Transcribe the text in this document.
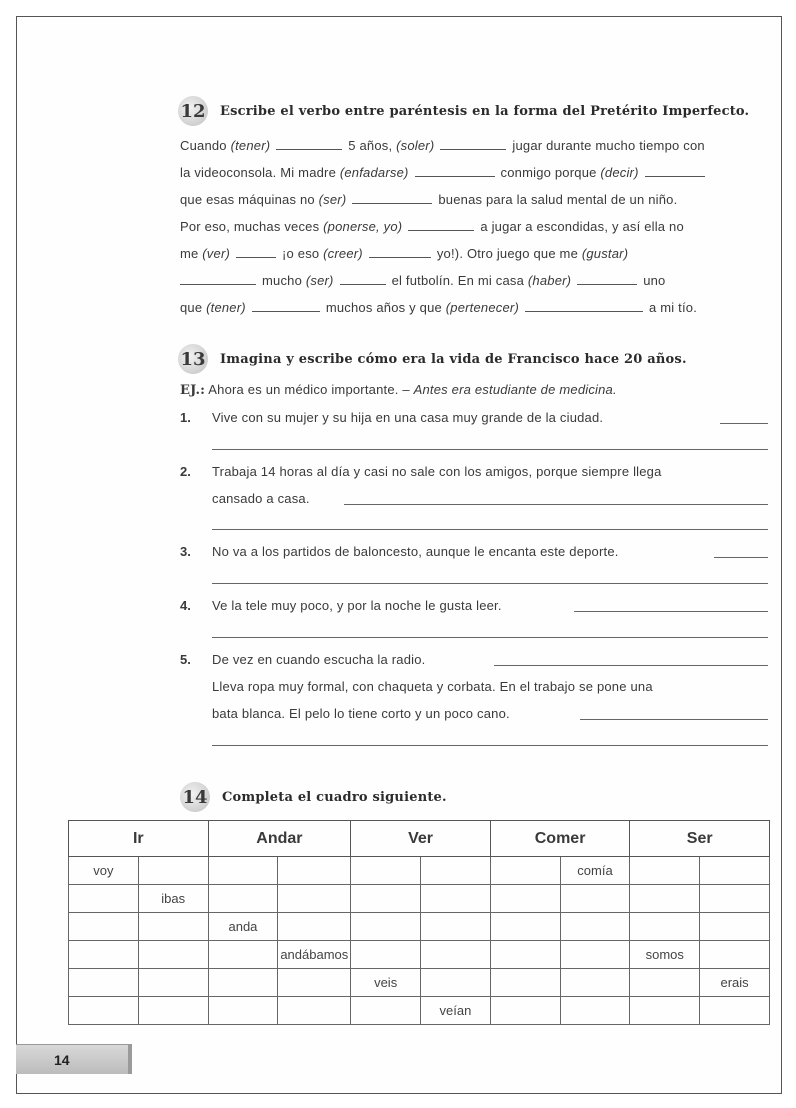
12 Escribe el verbo entre paréntesis en la forma del Pretérito Imperfecto.
Cuando (tener)	5 años, (soler)	jugar durante mucho tiempo con
la videoconsola. Mi madre (enfadarse)	conmigo porque (decir)
que esas máquinas no (ser)	buenas para la salud mental de un niño.
Por eso, muchas veces (ponerse, yo)	a jugar a escondidas, y así ella no
me (ver)	¡o eso (creer)	yo!). Otro juego que me (gustar)
mucho (ser)	el futbolín. En mi casa (haber)	uno
que (tener)	muchos años y que (pertenecer)	a mi tío.
13 Imagina y escribe cómo era la vida de Francisco hace 20 años.
EJ.: Ahora es un médico importante. – Antes era estudiante de medicina.
1. Vive con su mujer y su hija en una casa muy grande de la ciudad.
2. Trabaja 14 horas al día y casi no sale con los amigos, porque siempre llega
cansado a casa.
3. No va a los partidos de baloncesto, aunque le encanta este deporte.
4. Ve la tele muy poco, y por la noche le gusta leer.
5. De vez en cuando escucha la radio.
Lleva ropa muy formal, con chaqueta y corbata. En el trabajo se pone una
bata blanca. El pelo lo tiene corto y un poco cano.
14 Completa el cuadro siguiente.
Ir		Andar		Ver		Comer		Ser	
voy							comía		
	ibas								
		anda							
			andábamos					somos	
				veis					erais
					veían				
14
